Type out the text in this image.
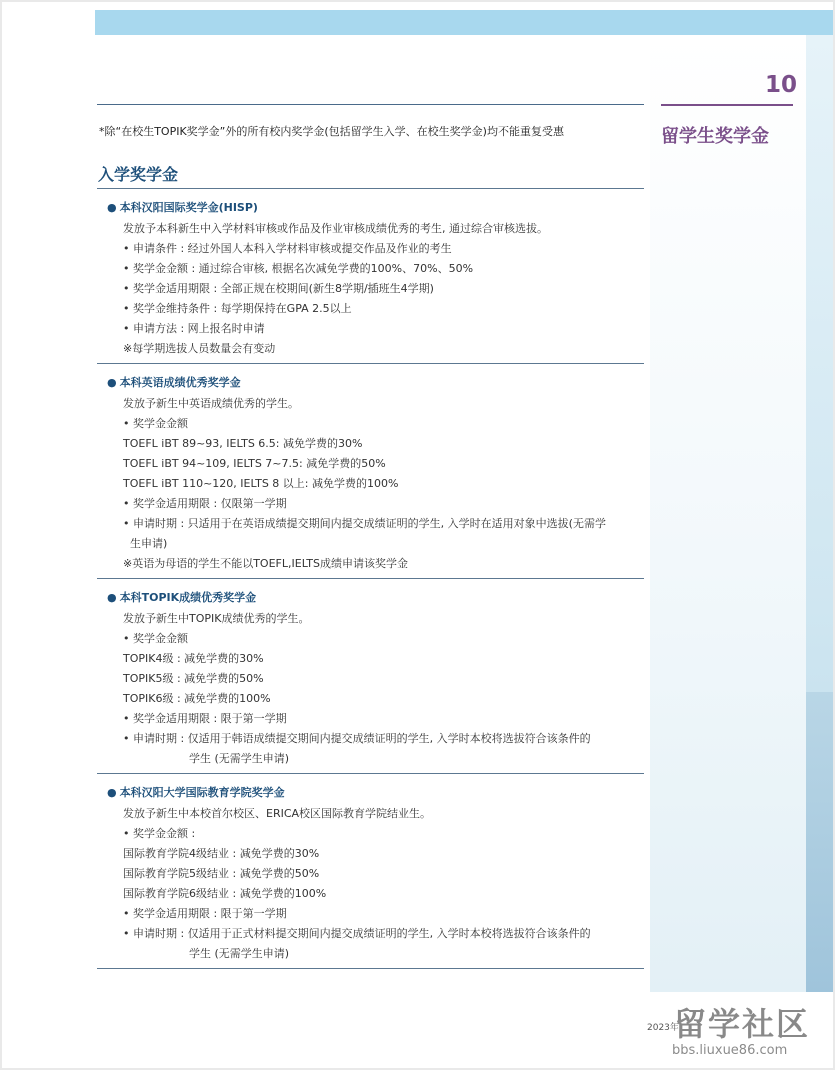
10
留学生奖学金
*除“在校生TOPIK奖学金”外的所有校内奖学金(包括留学生入学、在校生奖学金)均不能重复受惠
入学奖学金
● 本科汉阳国际奖学金(HISP)
发放予本科新生中入学材料审核或作品及作业审核成绩优秀的考生, 通过综合审核选拔。
• 申请条件 : 经过外国人本科入学材料审核或提交作品及作业的考生
• 奖学金金额 : 通过综合审核, 根据名次减免学费的100%、70%、50%
• 奖学金适用期限 : 全部正规在校期间(新生8学期/插班生4学期)
• 奖学金维持条件 : 每学期保持在GPA 2.5以上
• 申请方法 : 网上报名时申请
※每学期选拔人员数量会有变动
● 本科英语成绩优秀奖学金
发放予新生中英语成绩优秀的学生。
• 奖学金金额
TOEFL iBT 89~93, IELTS 6.5: 减免学费的30%
TOEFL iBT 94~109, IELTS 7~7.5: 减免学费的50%
TOEFL iBT 110~120, IELTS 8 以上: 减免学费的100%
• 奖学金适用期限 : 仅限第一学期
• 申请时期 : 只适用于在英语成绩提交期间内提交成绩证明的学生, 入学时在适用对象中选拔(无需学
生申请)
※英语为母语的学生不能以TOEFL,IELTS成绩申请该奖学金
● 本科TOPIK成绩优秀奖学金
发放予新生中TOPIK成绩优秀的学生。
• 奖学金金额
TOPIK4级 : 减免学费的30%
TOPIK5级 : 减免学费的50%
TOPIK6级 : 减免学费的100%
• 奖学金适用期限 : 限于第一学期
• 申请时期 : 仅适用于韩语成绩提交期间内提交成绩证明的学生, 入学时本校将选拔符合该条件的
学生 (无需学生申请)
● 本科汉阳大学国际教育学院奖学金
发放予新生中本校首尔校区、ERICA校区国际教育学院结业生。
• 奖学金金额 :
国际教育学院4级结业 : 减免学费的30%
国际教育学院5级结业 : 减免学费的50%
国际教育学院6级结业 : 减免学费的100%
• 奖学金适用期限 : 限于第一学期
• 申请时期 : 仅适用于正式材料提交期间内提交成绩证明的学生, 入学时本校将选拔符合该条件的
学生 (无需学生申请)
2023年
留学社区
bbs.liuxue86.com
